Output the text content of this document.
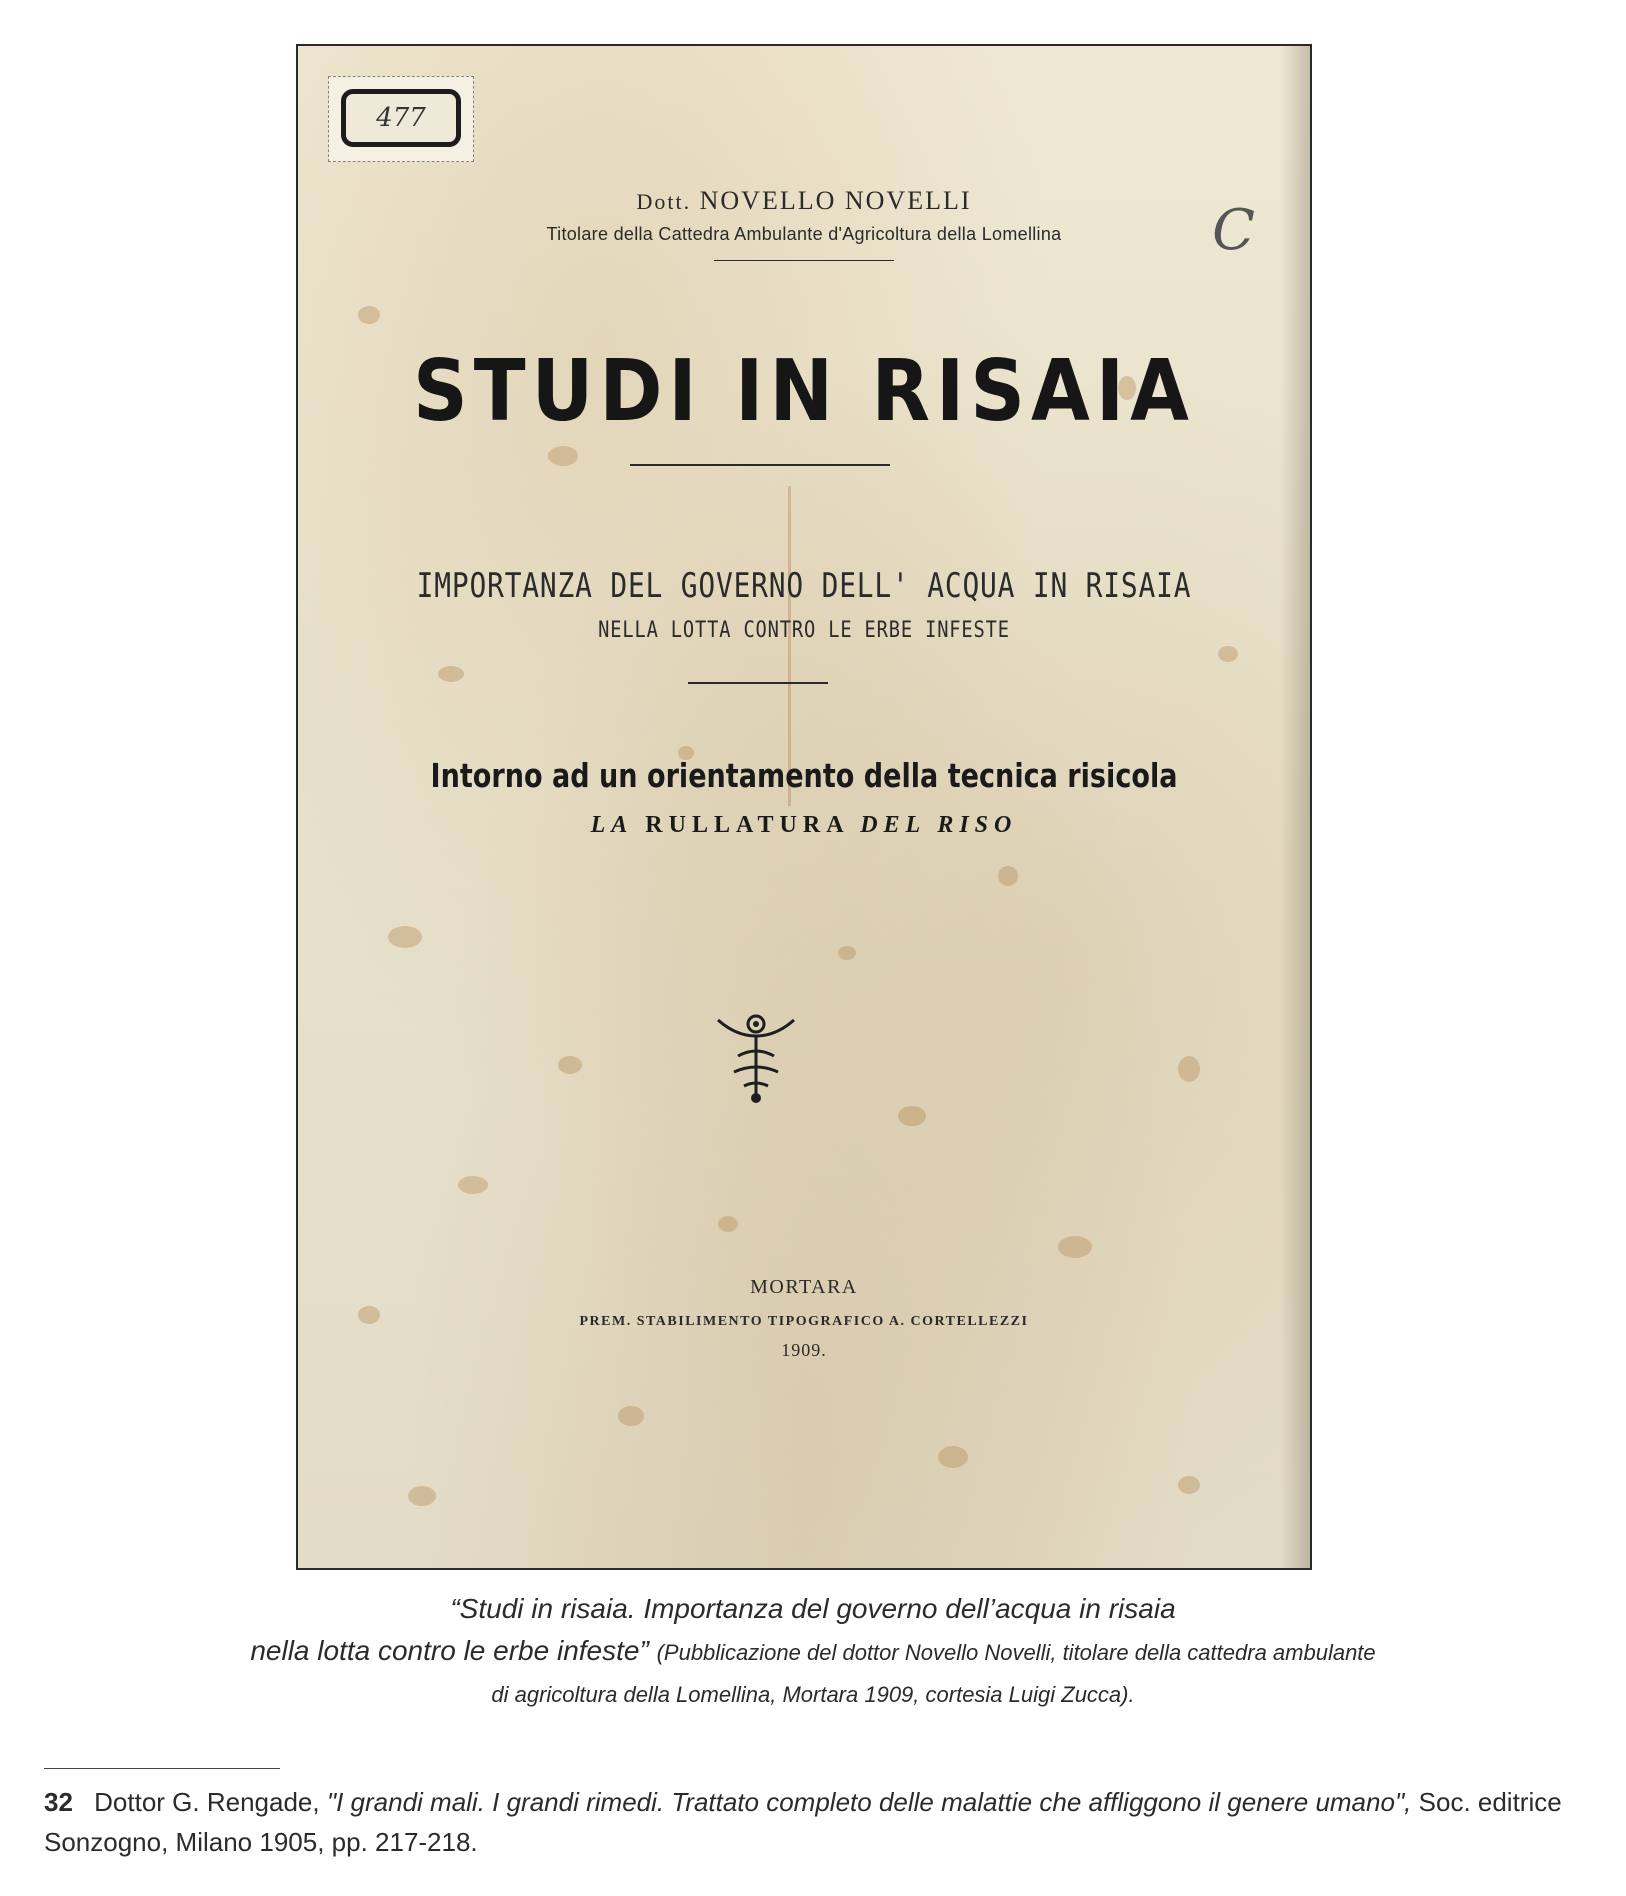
477
C
Dott. NOVELLO NOVELLI
Titolare della Cattedra Ambulante d'Agricoltura della Lomellina
STUDI IN RISAIA
IMPORTANZA DEL GOVERNO DELL' ACQUA IN RISAIA
NELLA LOTTA CONTRO LE ERBE INFESTE
Intorno ad un orientamento della tecnica risicola
LA RULLATURA DEL RISO
MORTARA
PREM. STABILIMENTO TIPOGRAFICO A. CORTELLEZZI
1909.
“Studi in risaia. Importanza del governo dell’acqua in risaia
nella lotta contro le erbe infeste” (Pubblicazione del dottor Novello Novelli, titolare della cattedra ambulante
di agricoltura della Lomellina, Mortara 1909, cortesia Luigi Zucca).
32 Dottor G. Rengade, "I grandi mali. I grandi rimedi. Trattato completo delle malattie che affliggono il genere umano", Soc. editrice Sonzogno, Milano 1905, pp. 217-218.
